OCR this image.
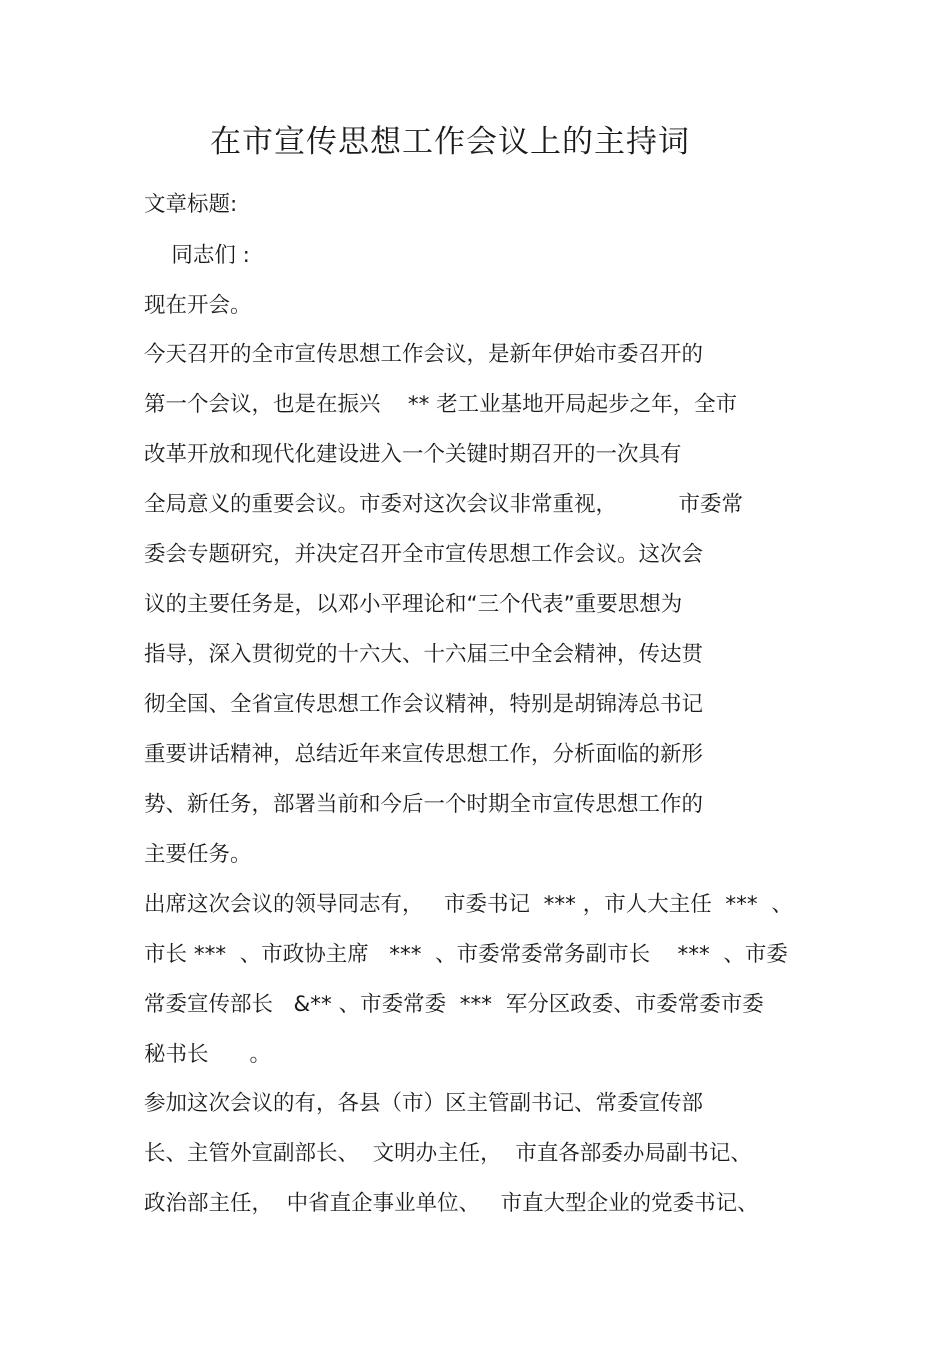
在市宣传思想工作会议上的主持词
文章标题:
同志们 :
现在开会。
今天召开的全市宣传思想工作会议，是新年伊始市委召开的
第一个会议，也是在振兴    ** 老工业基地开局起步之年，全市
改革开放和现代化建设进入一个关键时期召开的一次具有
全局意义的重要会议。市委对这次会议非常重视，         市委常
委会专题研究，并决定召开全市宣传思想工作会议。这次会
议的主要任务是，以邓小平理论和“三个代表”重要思想为
指导，深入贯彻党的十六大、十六届三中全会精神，传达贯
彻全国、全省宣传思想工作会议精神，特别是胡锦涛总书记
重要讲话精神，总结近年来宣传思想工作，分析面临的新形
势、新任务，部署当前和今后一个时期全市宣传思想工作的
主要任务。
出席这次会议的领导同志有，   市委书记  *** ，市人大主任  ***  、
市长 ***  、市政协主席   ***  、市委常委常务副市长    ***  、市委
常委宣传部长   &** 、市委常委  ***  军分区政委、市委常委市委
秘书长      。
参加这次会议的有，各县（市）区主管副书记、常委宣传部
长、主管外宣副部长、  文明办主任，  市直各部委办局副书记、
政治部主任，  中省直企事业单位、   市直大型企业的党委书记、
